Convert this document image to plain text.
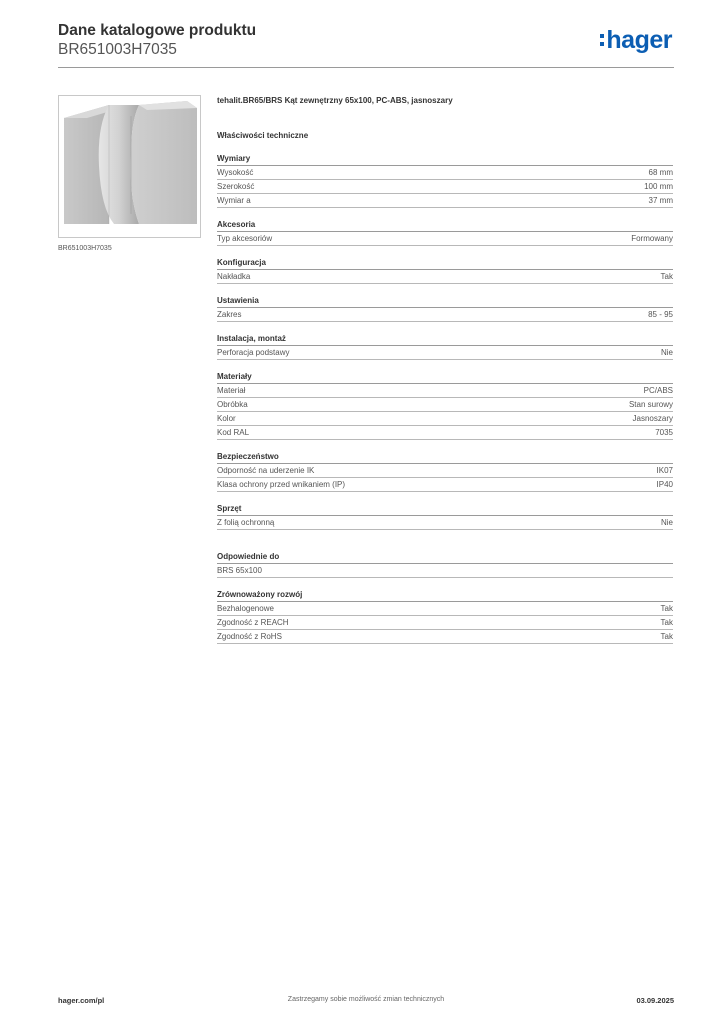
Dane katalogowe produktu
BR651003H7035	hager
BR651003H7035
tehalit.BR65/BRS Kąt zewnętrzny 65x100, PC-ABS, jasnoszary
Właściwości techniczne
Wymiary
Wysokość	68 mm
Szerokość	100 mm
Wymiar a	37 mm
Akcesoria
Typ akcesoriów	Formowany
Konfiguracja
Nakładka	Tak
Ustawienia
Zakres	85 - 95
Instalacja, montaż
Perforacja podstawy	Nie
Materiały
Materiał	PC/ABS
Obróbka	Stan surowy
Kolor	Jasnoszary
Kod RAL	7035
Bezpieczeństwo
Odporność na uderzenie IK	IK07
Klasa ochrony przed wnikaniem (IP)	IP40
Sprzęt
Z folią ochronną	Nie
Odpowiednie do
BRS 65x100
Zrównoważony rozwój
Bezhalogenowe	Tak
Zgodność z REACH	Tak
Zgodność z RoHS	Tak
hager.com/pl	Zastrzegamy sobie możliwość zmian technicznych	03.09.2025
